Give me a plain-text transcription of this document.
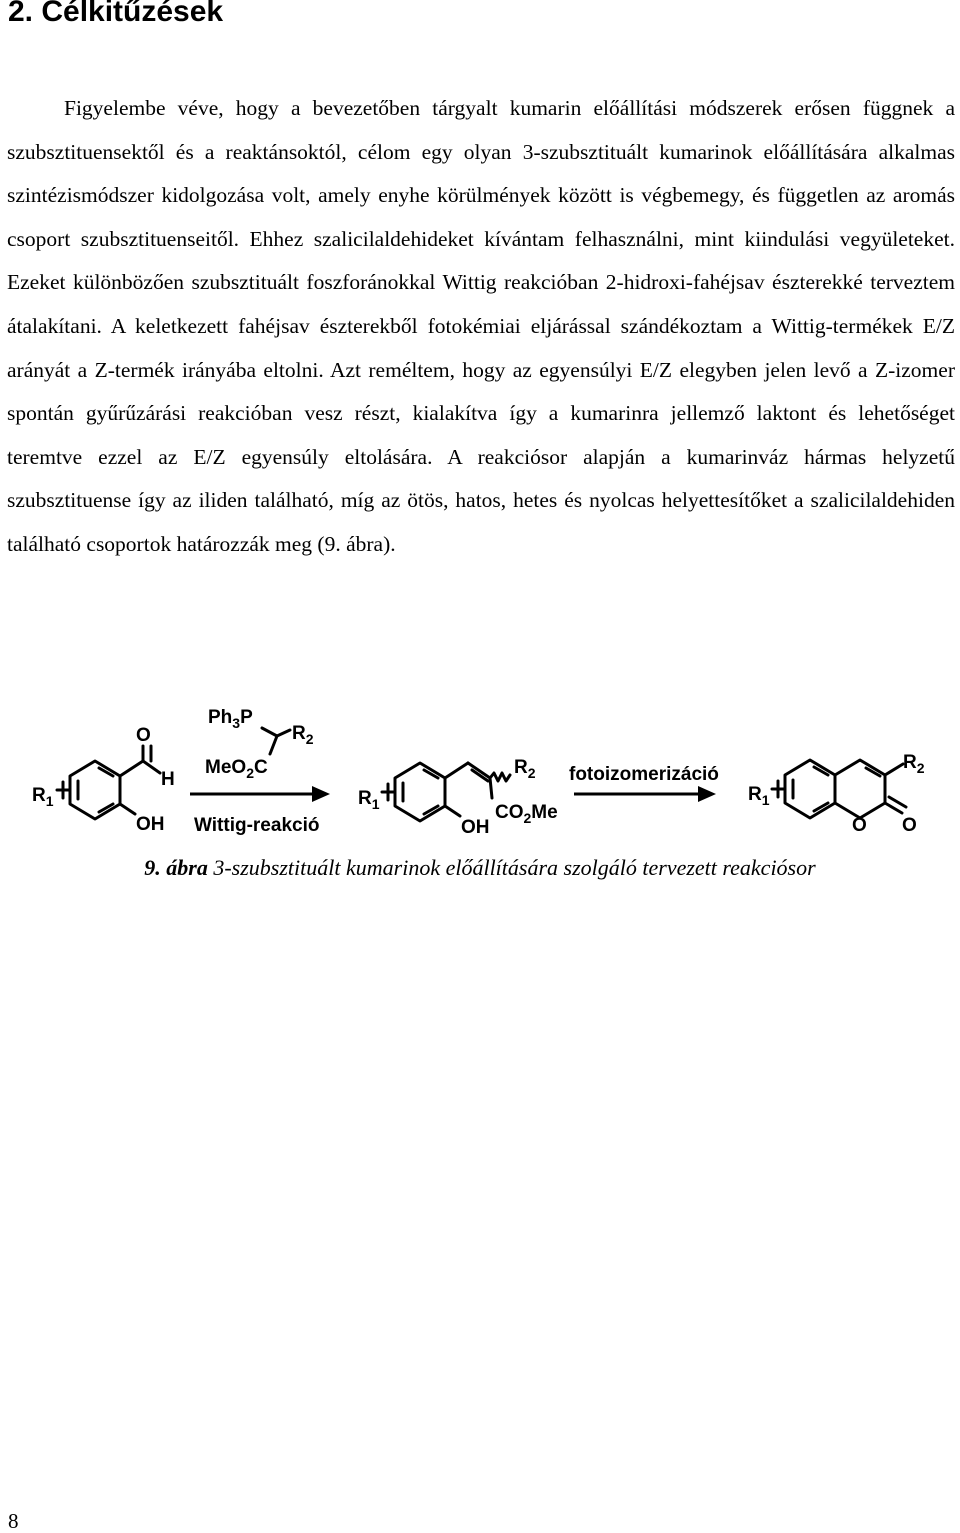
2. Célkitűzések

Figyelembe véve, hogy a bevezetőben tárgyalt kumarin előállítási módszerek erősen függnek a szubsztituensektől és a reaktánsoktól, célom egy olyan 3-szubsztituált kumarinok előállítására alkalmas szintézismódszer kidolgozása volt, amely enyhe körülmények között is végbemegy, és független az aromás csoport szubsztituenseitől. Ehhez szalicilaldehideket kívántam felhasználni, mint kiindulási vegyületeket. Ezeket különbözően szubsztituált foszforánokkal Wittig reakcióban 2-hidroxi-fahéjsav észterekké terveztem átalakítani. A keletkezett fahéjsav észterekből fotokémiai eljárással szándékoztam a Wittig-termékek E/Z arányát a Z-termék irányába eltolni. Azt reméltem, hogy az egyensúlyi E/Z elegyben jelen levő a Z-izomer spontán gyűrűzárási reakcióban vesz részt, kialakítva így a kumarinra jellemző laktont és lehetőséget teremtve ezzel az E/Z egyensúly eltolására. A reakciósor alapján a kumarinváz hármas helyzetű szubsztituense így az iliden található, míg az ötös, hatos, hetes és nyolcas helyettesítőket a szalicilaldehiden található csoportok határozzák meg (9. ábra).

O
H
OH
$R_1$
$Ph_3P$
$R_2$
MeO$_2$C
Wittig-reakció
$R_1$
$R_2$
$CO_2Me$
OH
fotoizomerizáció
$R_1$
$R_2$
O O

9. ábra 3-szubsztituált kumarinok előállítására szolgáló tervezett reakciósor

8
